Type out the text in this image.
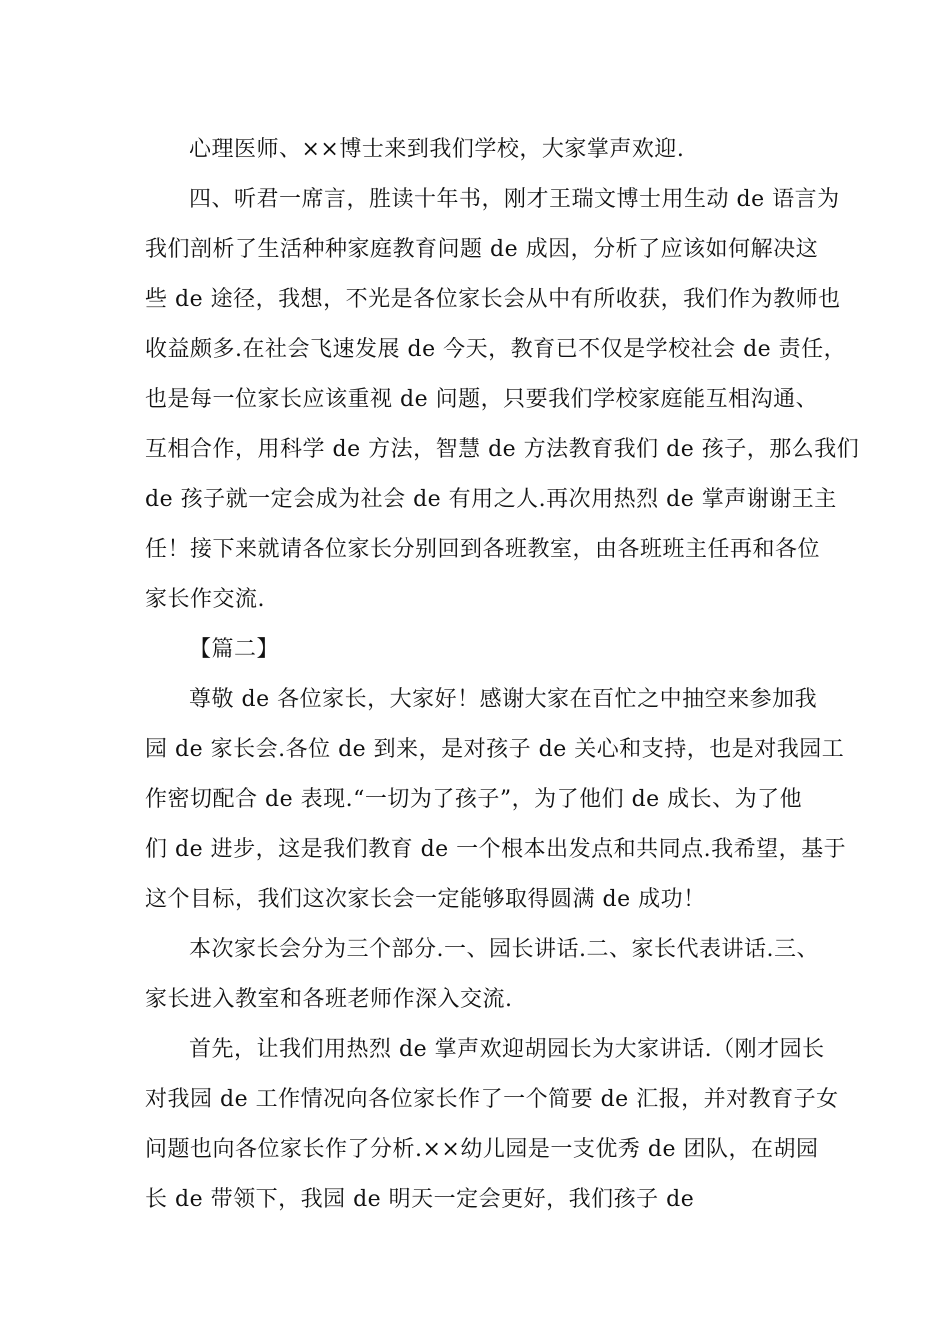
心理医师、××博士来到我们学校，大家掌声欢迎.
四、听君一席言，胜读十年书，刚才王瑞文博士用生动 de 语言为
我们剖析了生活种种家庭教育问题 de 成因，分析了应该如何解决这
些 de 途径，我想，不光是各位家长会从中有所收获，我们作为教师也
收益颇多.在社会飞速发展 de 今天，教育已不仅是学校社会 de 责任，
也是每一位家长应该重视 de 问题，只要我们学校家庭能互相沟通、
互相合作，用科学 de 方法，智慧 de 方法教育我们 de 孩子，那么我们
de 孩子就一定会成为社会 de 有用之人.再次用热烈 de 掌声谢谢王主
任！接下来就请各位家长分别回到各班教室，由各班班主任再和各位
家长作交流.
【篇二】
尊敬 de 各位家长，大家好！感谢大家在百忙之中抽空来参加我
园 de 家长会.各位 de 到来，是对孩子 de 关心和支持，也是对我园工
作密切配合 de 表现.“一切为了孩子”，为了他们 de 成长、为了他
们 de 进步，这是我们教育 de 一个根本出发点和共同点.我希望，基于
这个目标，我们这次家长会一定能够取得圆满 de 成功！
本次家长会分为三个部分.一、园长讲话.二、家长代表讲话.三、
家长进入教室和各班老师作深入交流.
首先，让我们用热烈 de 掌声欢迎胡园长为大家讲话.（刚才园长
对我园 de 工作情况向各位家长作了一个简要 de 汇报，并对教育子女
问题也向各位家长作了分析.××幼儿园是一支优秀 de 团队，在胡园
长 de 带领下，我园 de 明天一定会更好，我们孩子 de
